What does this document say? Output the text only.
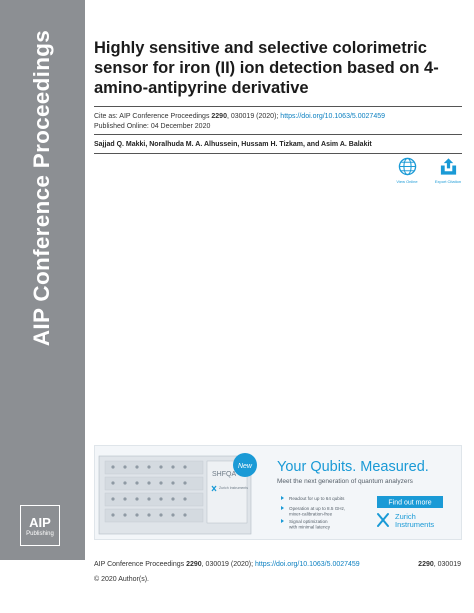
AIP Conference Proceedings
AIP
Publishing
Highly sensitive and selective colorimetric sensor for iron (II) ion detection based on 4-amino-antipyrine derivative
Cite as: AIP Conference Proceedings 2290, 030019 (2020); https://doi.org/10.1063/5.0027459
Published Online: 04 December 2020
Sajjad Q. Makki, Noralhuda M. A. Alhussein, Hussam H. Tizkam, and Asim A. Balakit
View Online	Export Citation
SHFQA
Zurich Instruments
New Your Qubits. Measured.
Meet the next generation of quantum analyzers
Readout for up to 64 qubits
Operation at up to 8.5 GHz,
mixer-calibration-free
Signal optimization
with minimal latency
Find out more
Zurich
Instruments
AIP Conference Proceedings 2290, 030019 (2020); https://doi.org/10.1063/5.0027459	2290, 030019
© 2020 Author(s).
